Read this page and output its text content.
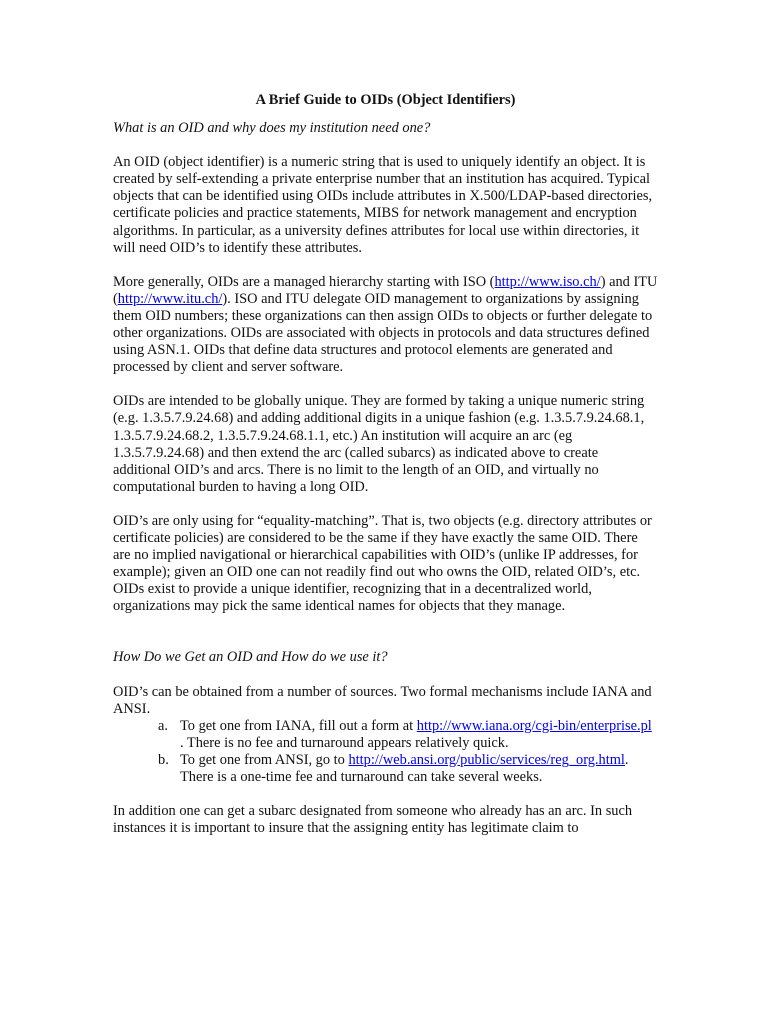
A Brief Guide to OIDs (Object Identifiers)
What is an OID and why does my institution need one?

An OID (object identifier) is a numeric string that is used to uniquely identify an object. It is created by self-extending a private enterprise number that an institution has acquired. Typical objects that can be identified using OIDs include attributes in X.500/LDAP-based directories, certificate policies and practice statements, MIBS for network management and encryption algorithms. In particular, as a university defines attributes for local use within directories, it will need OID’s to identify these attributes.

More generally, OIDs are a managed hierarchy starting with ISO (http://www.iso.ch/) and ITU (http://www.itu.ch/). ISO and ITU delegate OID management to organizations by assigning them OID numbers; these organizations can then assign OIDs to objects or further delegate to other organizations. OIDs are associated with objects in protocols and data structures defined using ASN.1. OIDs that define data structures and protocol elements are generated and processed by client and server software.

OIDs are intended to be globally unique. They are formed by taking a unique numeric string (e.g. 1.3.5.7.9.24.68) and adding additional digits in a unique fashion (e.g. 1.3.5.7.9.24.68.1, 1.3.5.7.9.24.68.2, 1.3.5.7.9.24.68.1.1, etc.) An institution will acquire an arc (eg 1.3.5.7.9.24.68) and then extend the arc (called subarcs) as indicated above to create additional OID’s and arcs. There is no limit to the length of an OID, and virtually no computational burden to having a long OID.

OID’s are only using for “equality-matching”. That is, two objects (e.g. directory attributes or certificate policies) are considered to be the same if they have exactly the same OID. There are no implied navigational or hierarchical capabilities with OID’s (unlike IP addresses, for example); given an OID one can not readily find out who owns the OID, related OID’s, etc. OIDs exist to provide a unique identifier, recognizing that in a decentralized world, organizations may pick the same identical names for objects that they manage.

How Do we Get an OID and How do we use it?
OID’s can be obtained from a number of sources. Two formal mechanisms include IANA and ANSI.
a. To get one from IANA, fill out a form at http://www.iana.org/cgi-bin/enterprise.pl . There is no fee and turnaround appears relatively quick.
b. To get one from ANSI, go to http://web.ansi.org/public/services/reg_org.html. There is a one-time fee and turnaround can take several weeks.

In addition one can get a subarc designated from someone who already has an arc. In such instances it is important to insure that the assigning entity has legitimate claim to
